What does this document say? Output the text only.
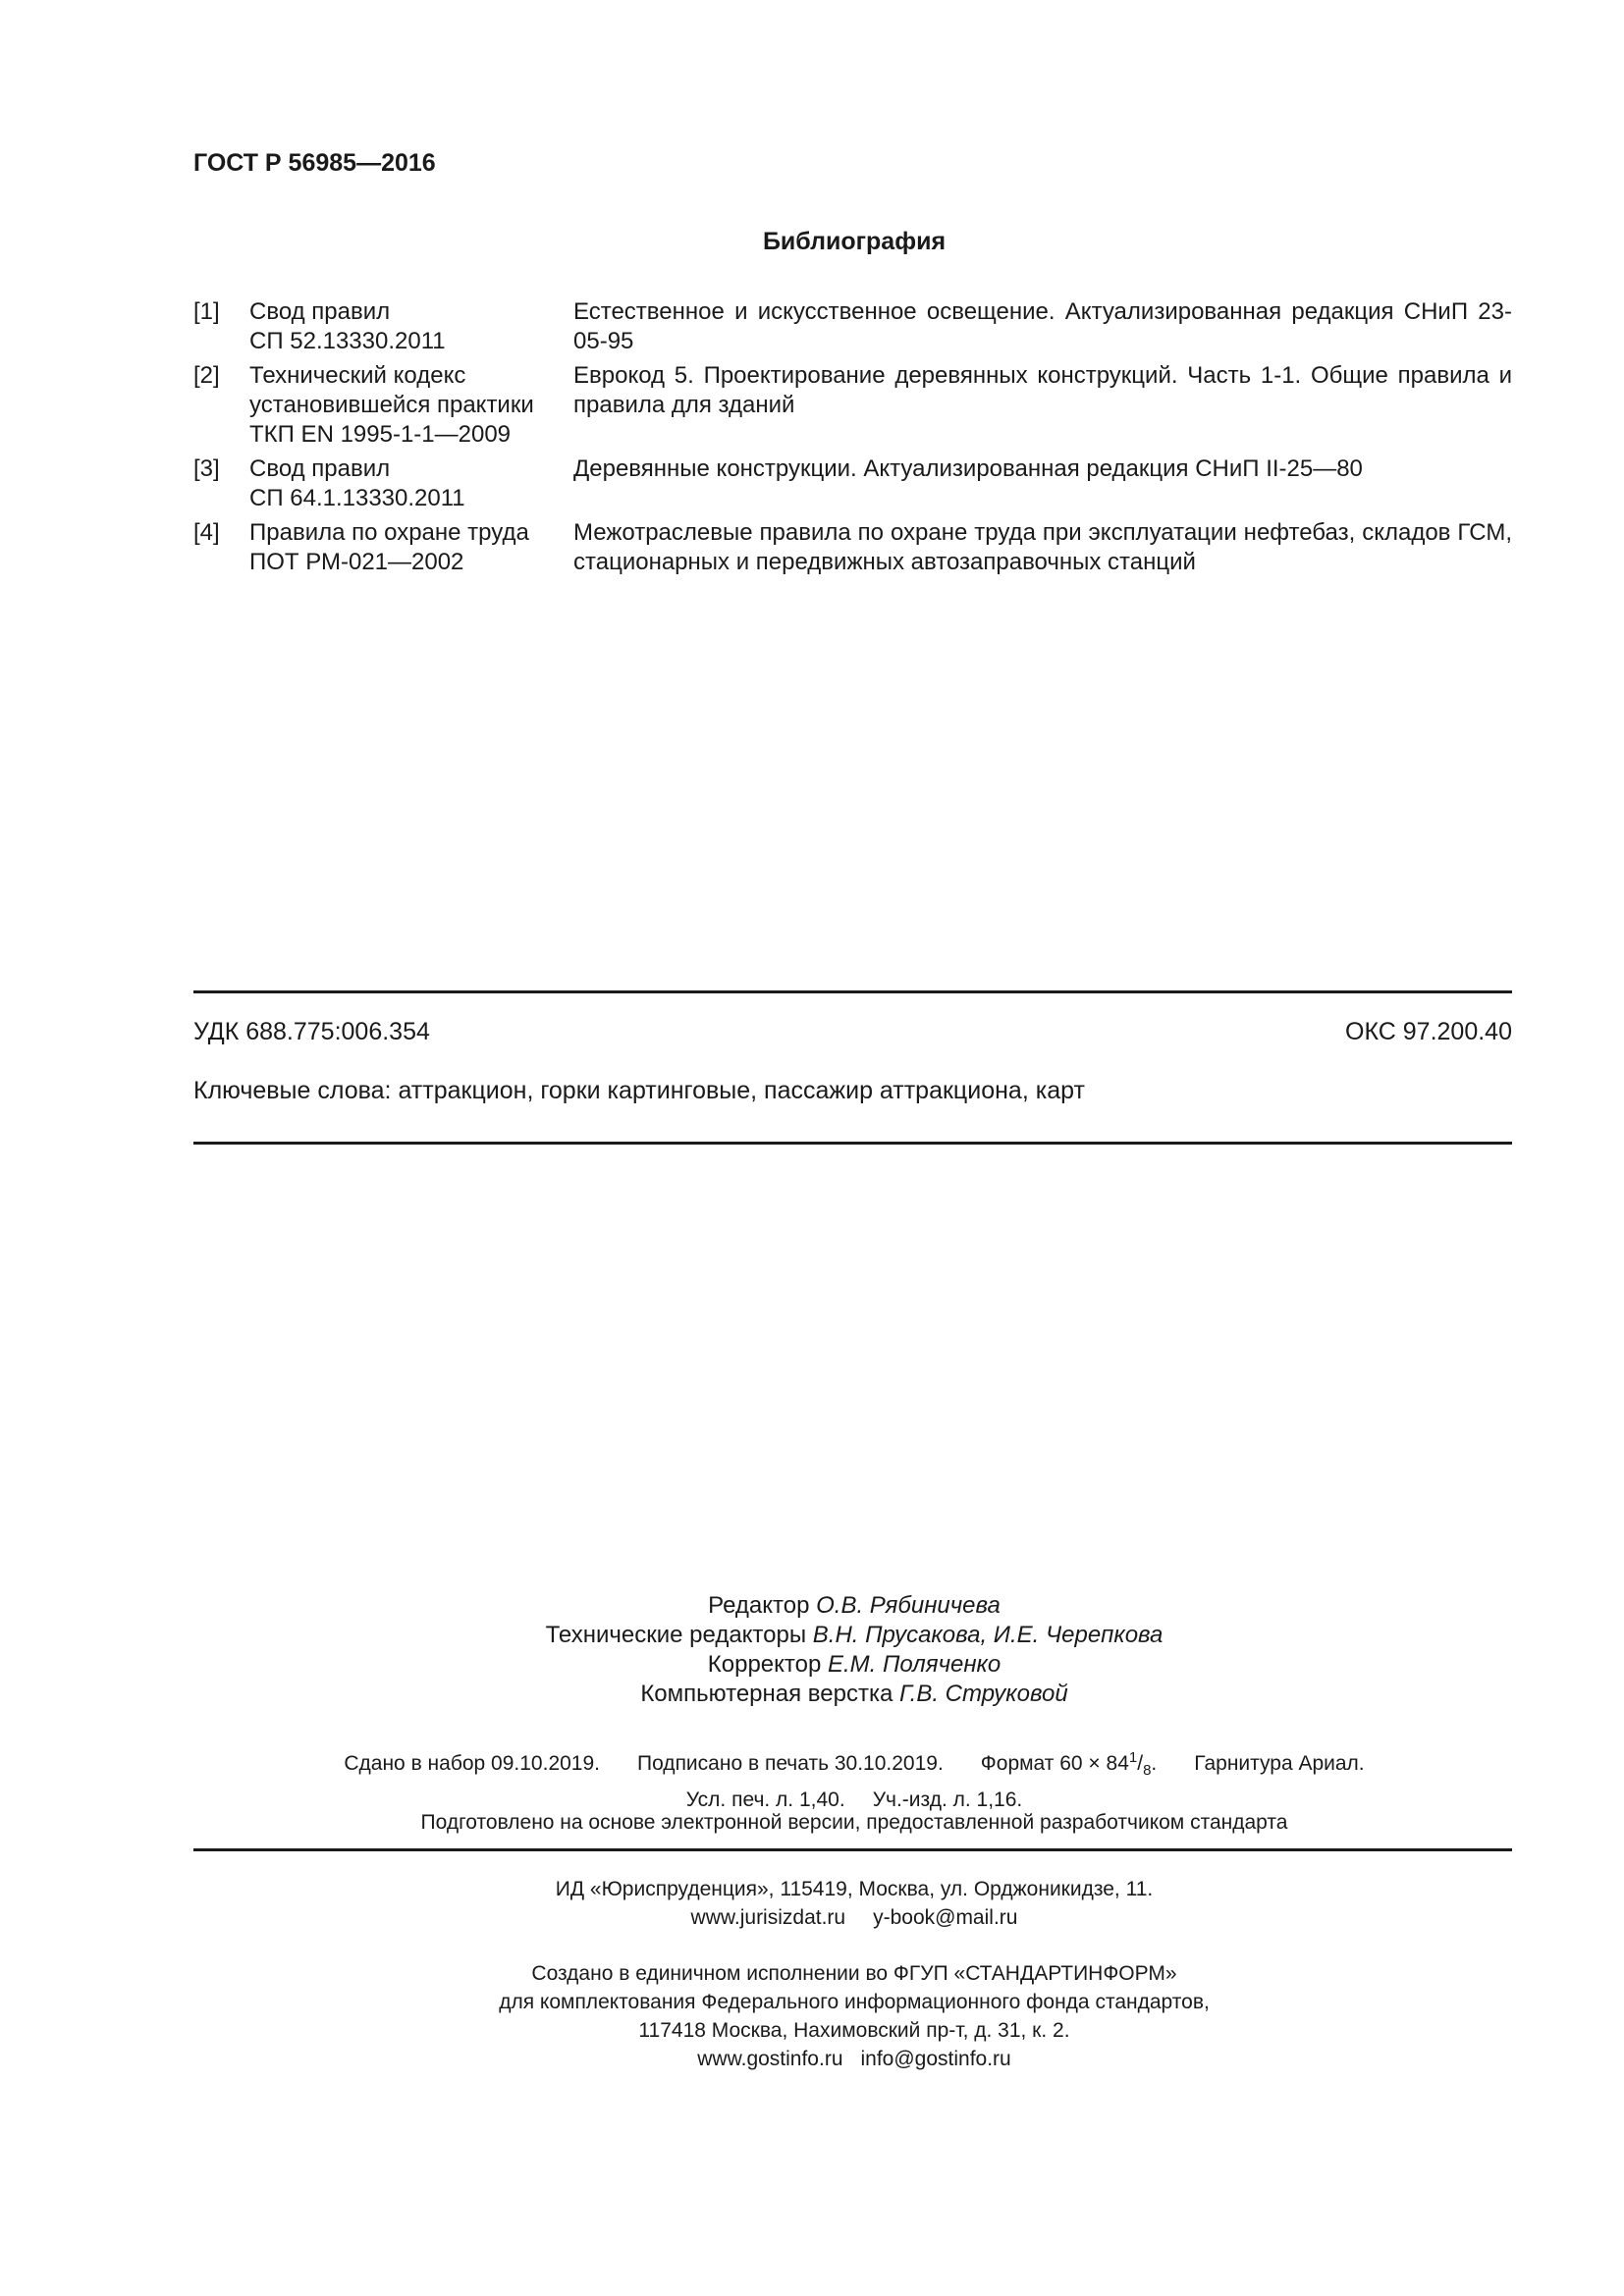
ГОСТ Р 56985—2016
Библиография
[1]	Свод правил
СП 52.13330.2011	Естественное и искусственное освещение. Актуализированная редакция СНиП 23-05-95
[2]	Технический кодекс
установившейся практики
ТКП EN 1995-1-1—2009	Еврокод 5. Проектирование деревянных конструкций. Часть 1-1. Общие правила и правила для зданий
[3]	Свод правил
СП 64.1.13330.2011	Деревянные конструкции. Актуализированная редакция СНиП II-25—80
[4]	Правила по охране труда
ПОТ РМ-021—2002	Межотраслевые правила по охране труда при эксплуатации нефтебаз, складов ГСМ, стационарных и передвижных автозаправочных станций
УДК 688.775:006.354	ОКС 97.200.40
Ключевые слова: аттракцион, горки картинговые, пассажир аттракциона, карт
Редактор О.В. Рябиничева
Технические редакторы В.Н. Прусакова, И.Е. Черепкова
Корректор Е.М. Поляченко
Компьютерная верстка Г.В. Струковой
Сдано в набор 09.10.2019. Подписано в печать 30.10.2019. Формат $60 \times 84^1/_8$. Гарнитура Ариал.
Усл. печ. л. 1,40. Уч.-изд. л. 1,16.
Подготовлено на основе электронной версии, предоставленной разработчиком стандарта
ИД «Юриспруденция», 115419, Москва, ул. Орджоникидзе, 11.
www.jurisizdat.ru y-book@mail.ru
Создано в единичном исполнении во ФГУП «СТАНДАРТИНФОРМ»
для комплектования Федерального информационного фонда стандартов,
117418 Москва, Нахимовский пр-т, д. 31, к. 2.
www.gostinfo.ru info@gostinfo.ru
